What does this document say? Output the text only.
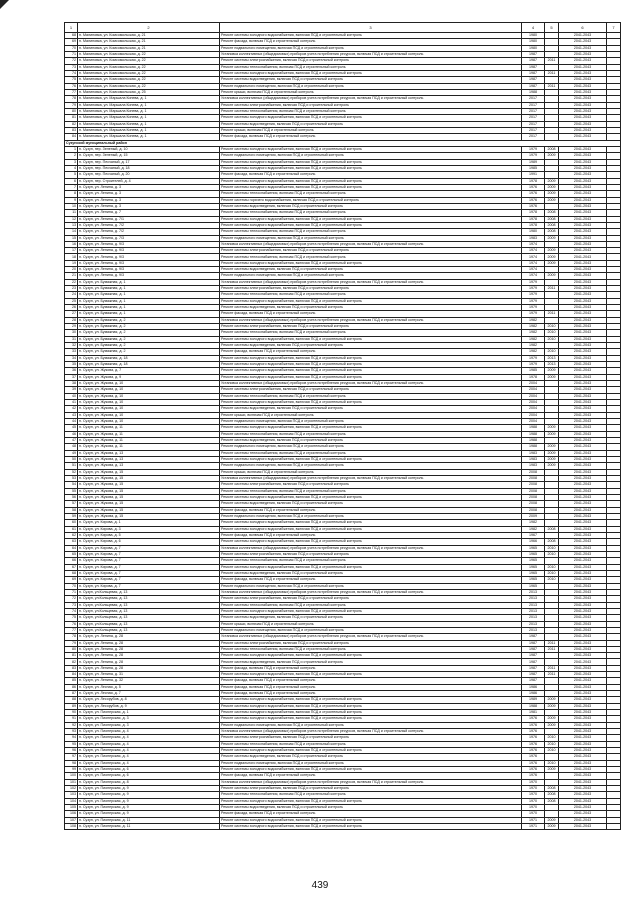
1	2	3	4	5	6	7
68	п. Малиновка, ул. Комсомольская, д. 21	Ремонт системы холодного водоснабжения, включая ПСД и строительный контроль	1980		2041-2043	
69	п. Малиновка, ул. Комсомольская, д. 21	Ремонт фасада, включая ПСД и строительный контроль	1980		2041-2043	
70	п. Малиновка, ул. Комсомольская, д. 21	Ремонт подвального помещения, включая ПСД и строительный контроль	1980		2041-2043	
71	п. Малиновка, ул. Комсомольская, д. 22	Установка коллективных (общедомовых) приборов учета потребления ресурсов, включая ПСД и строительный контроль	1987		2041-2043	
72	п. Малиновка, ул. Комсомольская, д. 22	Ремонт системы электроснабжения, включая ПСД и строительный контроль	1987	2011	2041-2043	
73	п. Малиновка, ул. Комсомольская, д. 22	Ремонт системы теплоснабжения, включая ПСД и строительный контроль	1987		2041-2043	
74	п. Малиновка, ул. Комсомольская, д. 22	Ремонт системы холодного водоснабжения, включая ПСД и строительный контроль	1987	2011	2041-2043	
75	п. Малиновка, ул. Комсомольская, д. 22	Ремонт системы водоотведения, включая ПСД и строительный контроль	1987		2041-2043	
76	п. Малиновка, ул. Комсомольская, д. 22	Ремонт подвального помещения, включая ПСД и строительный контроль	1987	2011	2041-2043	
77	п. Малиновка, ул. Комсомольская, д. 25	Ремонт крыши, включая ПСД и строительный контроль	1988		2041-2043	
78	п. Малиновка, ул. Маршала Конева, д. 1	Установка коллективных (общедомовых) приборов учета потребления ресурсов, включая ПСД и строительный контроль	2017		2041-2043	
79	п. Малиновка, ул. Маршала Конева, д. 1	Ремонт системы электроснабжения, включая ПСД и строительный контроль	2017		2041-2043	
80	п. Малиновка, ул. Маршала Конева, д. 1	Ремонт системы теплоснабжения, включая ПСД и строительный контроль	2017		2041-2043	
81	п. Малиновка, ул. Маршала Конева, д. 1	Ремонт системы холодного водоснабжения, включая ПСД и строительный контроль	2017		2041-2043	
82	п. Малиновка, ул. Маршала Конева, д. 1	Ремонт системы водоотведения, включая ПСД и строительный контроль	2017		2041-2043	
83	п. Малиновка, ул. Маршала Конева, д. 1	Ремонт крыши, включая ПСД и строительный контроль	2017		2041-2043	
84	п. Малиновка, ул. Маршала Конева, д. 1	Ремонт фасада, включая ПСД и строительный контроль	2017		2041-2043	
Сузунский муниципальный район						
1	п. Сузун, пер. Зеленый, д. 10	Ремонт системы холодного водоснабжения, включая ПСД и строительный контроль	1979	2008	2041-2043	
2	п. Сузун, пер. Зеленый, д. 15	Ремонт подвального помещения, включая ПСД и строительный контроль	1979	2009	2041-2043	
3	п. Сузун, пер. Песчаный, д. 17	Ремонт системы холодного водоснабжения, включая ПСД и строительный контроль	1989		2041-2043	
4	п. Сузун, пер. Песчаный, д. 18	Ремонт системы холодного водоснабжения, включая ПСД и строительный контроль	1985		2041-2043	
5	п. Сузун, пер. Песчаный, д. 20	Ремонт фасада, включая ПСД и строительный контроль	1991		2041-2043	
6	п. Сузун, пер. Строителей, д. 4	Ремонт системы холодного водоснабжения, включая ПСД и строительный контроль	1978	2009	2041-2043	
7	п. Сузун, ул. Ленина, д. 3	Ремонт системы холодного водоснабжения, включая ПСД и строительный контроль	1976	2009	2041-2043	
8	п. Сузун, ул. Ленина, д. 3	Ремонт системы теплоснабжения, включая ПСД и строительный контроль	1976	2009	2041-2043	
9	п. Сузун, ул. Ленина, д. 3	Ремонт системы горячего водоснабжения, включая ПСД и строительный контроль	1976	2009	2041-2043	
10	п. Сузун, ул. Ленина, д. 3	Ремонт системы водоотведения, включая ПСД и строительный контроль	1976		2041-2043	
11	п. Сузун, ул. Ленина, д. 7	Ремонт системы теплоснабжения, включая ПСД и строительный контроль	1978	2008	2041-2043	
12	п. Сузун, ул. Ленина, д. 7/1	Ремонт системы холодного водоснабжения, включая ПСД и строительный контроль	1978	2008	2041-2043	
13	п. Сузун, ул. Ленина, д. 7/2	Ремонт системы холодного водоснабжения, включая ПСД и строительный контроль	1978	2008	2041-2043	
14	п. Сузун, ул. Ленина, д. 7/2	Ремонт системы теплоснабжения, включая ПСД и строительный контроль	1980	2008	2041-2043	
15	п. Сузун, ул. Ленина, д. 7/3	Ремонт подвального помещения, включая ПСД и строительный контроль	1983	2009	2041-2043	
16	п. Сузун, ул. Ленина, д. 9/3	Установка коллективных (общедомовых) приборов учета потребления ресурсов, включая ПСД и строительный контроль	1974		2041-2043	
17	п. Сузун, ул. Ленина, д. 9/3	Ремонт системы электроснабжения, включая ПСД и строительный контроль	1974	2009	2041-2043	
18	п. Сузун, ул. Ленина, д. 9/3	Ремонт системы теплоснабжения, включая ПСД и строительный контроль	1974	2009	2041-2043	
19	п. Сузун, ул. Ленина, д. 9/3	Ремонт системы холодного водоснабжения, включая ПСД и строительный контроль	1974	2009	2041-2043	
20	п. Сузун, ул. Ленина, д. 9/3	Ремонт системы водоотведения, включая ПСД и строительный контроль	1974		2041-2043	
21	п. Сузун, ул. Ленина, д. 9/3	Ремонт подвального помещения, включая ПСД и строительный контроль	1974	2009	2041-2043	
22	п. Сузун, ул. Бумажная, д. 1	Установка коллективных (общедомовых) приборов учета потребления ресурсов, включая ПСД и строительный контроль	1979		2041-2043	
23	п. Сузун, ул. Бумажная, д. 1	Ремонт системы электроснабжения, включая ПСД и строительный контроль	1979	2011	2041-2043	
24	п. Сузун, ул. Бумажная, д. 1	Ремонт системы теплоснабжения, включая ПСД и строительный контроль	1979		2041-2043	
25	п. Сузун, ул. Бумажная, д. 1	Ремонт системы холодного водоснабжения, включая ПСД и строительный контроль	1979		2041-2043	
26	п. Сузун, ул. Бумажная, д. 1	Ремонт системы водоотведения, включая ПСД и строительный контроль	1979		2041-2043	
27	п. Сузун, ул. Бумажная, д. 1	Ремонт фасада, включая ПСД и строительный контроль	1979	2011	2041-2043	
28	п. Сузун, ул. Бумажная, д. 2	Установка коллективных (общедомовых) приборов учета потребления ресурсов, включая ПСД и строительный контроль	1982		2041-2043	
29	п. Сузун, ул. Бумажная, д. 2	Ремонт системы электроснабжения, включая ПСД и строительный контроль	1982	2010	2041-2043	
30	п. Сузун, ул. Бумажная, д. 2	Ремонт системы теплоснабжения, включая ПСД и строительный контроль	1982	2010	2041-2043	
31	п. Сузун, ул. Бумажная, д. 2	Ремонт системы холодного водоснабжения, включая ПСД и строительный контроль	1982	2010	2041-2043	
32	п. Сузун, ул. Бумажная, д. 2	Ремонт системы водоотведения, включая ПСД и строительный контроль	1982		2041-2043	
33	п. Сузун, ул. Бумажная, д. 2	Ремонт фасада, включая ПСД и строительный контроль	1982	2010	2041-2043	
34	п. Сузун, ул. Бумажная, д. 18	Ремонт системы холодного водоснабжения, включая ПСД и строительный контроль	1979	2013	2041-2043	
35	п. Сузун, ул. Бумажная, д. 18	Ремонт системы холодного водоснабжения, включая ПСД и строительный контроль	1979	2013	2041-2043	
36	п. Сузун, ул. Жукова, д. 7	Ремонт системы холодного водоснабжения, включая ПСД и строительный контроль	1985	2009	2041-2043	
37	п. Сузун, ул. Жукова, д. 9	Ремонт системы холодного водоснабжения, включая ПСД и строительный контроль	1978	2009	2041-2043	
38	п. Сузун, ул. Жукова, д. 10	Установка коллективных (общедомовых) приборов учета потребления ресурсов, включая ПСД и строительный контроль	2004		2041-2043	
39	п. Сузун, ул. Жукова, д. 10	Ремонт системы электроснабжения, включая ПСД и строительный контроль	2004		2041-2043	
40	п. Сузун, ул. Жукова, д. 10	Ремонт системы теплоснабжения, включая ПСД и строительный контроль	2004		2041-2043	
41	п. Сузун, ул. Жукова, д. 10	Ремонт системы холодного водоснабжения, включая ПСД и строительный контроль	2004		2041-2043	
42	п. Сузун, ул. Жукова, д. 10	Ремонт системы водоотведения, включая ПСД и строительный контроль	2004		2041-2043	
43	п. Сузун, ул. Жукова, д. 10	Ремонт крыши, включая ПСД и строительный контроль	2004		2041-2043	
44	п. Сузун, ул. Жукова, д. 10	Ремонт подвального помещения, включая ПСД и строительный контроль	2004		2041-2043	
45	п. Сузун, ул. Жукова, д. 11	Ремонт системы холодного водоснабжения, включая ПСД и строительный контроль	1988	2009	2041-2043	
46	п. Сузун, ул. Жукова, д. 11	Ремонт системы теплоснабжения, включая ПСД и строительный контроль	1988	2009	2041-2043	
47	п. Сузун, ул. Жукова, д. 11	Ремонт системы водоотведения, включая ПСД и строительный контроль	1988		2041-2043	
48	п. Сузун, ул. Жукова, д. 11	Ремонт подвального помещения, включая ПСД и строительный контроль	1988	2009	2041-2043	
49	п. Сузун, ул. Жукова, д. 13	Ремонт системы теплоснабжения, включая ПСД и строительный контроль	1983	2009	2041-2043	
50	п. Сузун, ул. Жукова, д. 13	Ремонт системы холодного водоснабжения, включая ПСД и строительный контроль	1983	2009	2041-2043	
51	п. Сузун, ул. Жукова, д. 13	Ремонт подвального помещения, включая ПСД и строительный контроль	1983	2009	2041-2043	
52	п. Сузун, ул. Жукова, д. 15	Ремонт крыши, включая ПСД и строительный контроль	2008		2041-2043	
53	п. Сузун, ул. Жукова, д. 15	Установка коллективных (общедомовых) приборов учета потребления ресурсов, включая ПСД и строительный контроль	2008		2041-2043	
54	п. Сузун, ул. Жукова, д. 15	Ремонт системы электроснабжения, включая ПСД и строительный контроль	2008		2041-2043	
55	п. Сузун, ул. Жукова, д. 15	Ремонт системы теплоснабжения, включая ПСД и строительный контроль	2008		2041-2043	
56	п. Сузун, ул. Жукова, д. 15	Ремонт системы холодного водоснабжения, включая ПСД и строительный контроль	2008		2041-2043	
57	п. Сузун, ул. Жукова, д. 15	Ремонт системы водоотведения, включая ПСД и строительный контроль	2008		2041-2043	
58	п. Сузун, ул. Жукова, д. 15	Ремонт фасада, включая ПСД и строительный контроль	2008		2041-2043	
59	п. Сузун, ул. Жукова, д. 15	Ремонт подвального помещения, включая ПСД и строительный контроль	2009		2041-2043	
60	п. Сузун, ул. Кирова, д. 1	Ремонт системы холодного водоснабжения, включая ПСД и строительный контроль	1982		2041-2043	
61	п. Сузун, ул. Кирова, д. 3	Ремонт системы холодного водоснабжения, включая ПСД и строительный контроль	1982	2008	2041-2043	
62	п. Сузун, ул. Кирова, д. 5	Ремонт фасада, включая ПСД и строительный контроль	1967		2041-2043	
63	п. Сузун, ул. Кирова, д. 6	Ремонт системы холодного водоснабжения, включая ПСД и строительный контроль	1966	2008	2041-2043	
64	п. Сузун, ул. Кирова, д. 7	Установка коллективных (общедомовых) приборов учета потребления ресурсов, включая ПСД и строительный контроль	1965	2010	2041-2043	
65	п. Сузун, ул. Кирова, д. 7	Ремонт системы электроснабжения, включая ПСД и строительный контроль	1965	2010	2041-2043	
66	п. Сузун, ул. Кирова, д. 7	Ремонт системы теплоснабжения, включая ПСД и строительный контроль	1965		2041-2043	
67	п. Сузун, ул. Кирова, д. 7	Ремонт системы холодного водоснабжения, включая ПСД и строительный контроль	1965	2010	2041-2043	
68	п. Сузун, ул. Кирова, д. 7	Ремонт системы водоотведения, включая ПСД и строительный контроль	1965	2010	2041-2043	
69	п. Сузун, ул. Кирова, д. 7	Ремонт фасада, включая ПСД и строительный контроль	1965	2010	2041-2043	
70	п. Сузун, ул. Кирова, д. 7	Ремонт подвального помещения, включая ПСД и строительный контроль	1965		2041-2043	
71	п. Сузун, ул.Кольцевая, д. 13	Установка коллективных (общедомовых) приборов учета потребления ресурсов, включая ПСД и строительный контроль	2013		2041-2043	
72	п. Сузун, ул.Кольцевая, д. 13	Ремонт системы электроснабжения, включая ПСД и строительный контроль	2013		2041-2043	
73	п. Сузун, ул.Кольцевая, д. 13	Ремонт системы теплоснабжения, включая ПСД и строительный контроль	2013		2041-2043	
74	п. Сузун, ул.Кольцевая, д. 13	Ремонт системы холодного водоснабжения, включая ПСД и строительный контроль	2013		2041-2043	
75	п. Сузун, ул.Кольцевая, д. 13	Ремонт системы водоотведения, включая ПСД и строительный контроль	2013		2041-2043	
76	п. Сузун, ул.Кольцевая, д. 13	Ремонт крыши, включая ПСД и строительный контроль	2013		2041-2043	
77	п. Сузун, ул.Кольцевая, д. 13	Ремонт подвального помещения, включая ПСД и строительный контроль	2013		2041-2043	
78	п. Сузун, ул. Ленина, д. 28	Установка коллективных (общедомовых) приборов учета потребления ресурсов, включая ПСД и строительный контроль	1987		2041-2043	
79	п. Сузун, ул. Ленина, д. 28	Ремонт системы электроснабжения, включая ПСД и строительный контроль	1987	2011	2041-2043	
80	п. Сузун, ул. Ленина, д. 28	Ремонт системы теплоснабжения, включая ПСД и строительный контроль	1987	2011	2041-2043	
81	п. Сузун, ул. Ленина, д. 28	Ремонт системы холодного водоснабжения, включая ПСД и строительный контроль	1987		2041-2043	
82	п. Сузун, ул. Ленина, д. 28	Ремонт системы водоотведения, включая ПСД и строительный контроль	1987		2041-2043	
83	п. Сузун, ул. Ленина, д. 28	Ремонт фасада, включая ПСД и строительный контроль	1987	2011	2041-2043	
84	п. Сузун, ул. Ленина, д. 31	Ремонт системы холодного водоснабжения, включая ПСД и строительный контроль	1987	2011	2041-2043	
85	п. Сузун, ул. Ленина, д. 32	Ремонт фасада, включая ПСД и строительный контроль	1987		2041-2043	
86	п. Сузун, ул. Лесная, д. 5	Ремонт фасада, включая ПСД и строительный контроль	1986		2041-2043	
87	п. Сузун, ул. Лесная, д. 7	Ремонт фасада, включая ПСД и строительный контроль	1986		2041-2043	
88	п. Сузун, ул. Лесорубов, д. 8	Ремонт системы холодного водоснабжения, включая ПСД и строительный контроль	1989	2009	2041-2043	
89	п. Сузун, ул. Лесорубов, д. 9	Ремонт системы холодного водоснабжения, включая ПСД и строительный контроль	1988	2009	2041-2043	
90	п. Сузун, ул. Пионерская, д. 1	Ремонт системы холодного водоснабжения, включая ПСД и строительный контроль	1981		2041-2043	
91	п. Сузун, ул. Пионерская, д. 3	Ремонт системы холодного водоснабжения, включая ПСД и строительный контроль	1976	2009	2041-2043	
92	п. Сузун, ул. Пионерская, д. 3	Ремонт подвального помещения, включая ПСД и строительный контроль	1976	2009	2041-2043	
93	п. Сузун, ул. Пионерская, д. 4	Установка коллективных (общедомовых) приборов учета потребления ресурсов, включая ПСД и строительный контроль	1976		2041-2043	
94	п. Сузун, ул. Пионерская, д. 4	Ремонт системы электроснабжения, включая ПСД и строительный контроль	1976	2010	2041-2043	
95	п. Сузун, ул. Пионерская, д. 4	Ремонт системы теплоснабжения, включая ПСД и строительный контроль	1976	2010	2041-2043	
96	п. Сузун, ул. Пионерская, д. 4	Ремонт системы холодного водоснабжения, включая ПСД и строительный контроль	1976	2010	2041-2043	
97	п. Сузун, ул. Пионерская, д. 4	Ремонт системы водоотведения, включая ПСД и строительный контроль	1976		2041-2043	
98	п. Сузун, ул. Пионерская, д. 4	Ремонт подвального помещения, включая ПСД и строительный контроль	1976	2010	2041-2043	
99	п. Сузун, ул. Пионерская, д. 6	Ремонт системы холодного водоснабжения, включая ПСД и строительный контроль	1976	2009	2041-2043	
100	п. Сузун, ул. Пионерская, д. 6	Ремонт фасада, включая ПСД и строительный контроль	1976		2041-2043	
101	п. Сузун, ул. Пионерская, д. 8	Установка коллективных (общедомовых) приборов учета потребления ресурсов, включая ПСД и строительный контроль	1970		2041-2043	
102	п. Сузун, ул. Пионерская, д. 9	Ремонт системы электроснабжения, включая ПСД и строительный контроль	1970	2008	2041-2043	
103	п. Сузун, ул. Пионерская, д. 9	Ремонт системы теплоснабжения, включая ПСД и строительный контроль	1970	2008	2041-2043	
104	п. Сузун, ул. Пионерская, д. 9	Ремонт системы холодного водоснабжения, включая ПСД и строительный контроль	1970	2008	2041-2043	
105	п. Сузун, ул. Пионерская, д. 9	Ремонт системы водоотведения, включая ПСД и строительный контроль	1970		2041-2043	
106	п. Сузун, ул. Пионерская, д. 9	Ремонт фасада, включая ПСД и строительный контроль	1970		2041-2043	
107	п. Сузун, ул. Пионерская, д. 11	Ремонт системы холодного водоснабжения, включая ПСД и строительный контроль	1971	2009	2041-2043	
108	п. Сузун, ул. Пионерская, д. 11	Ремонт системы холодного водоснабжения, включая ПСД и строительный контроль	1971	2009	2041-2043	
439
